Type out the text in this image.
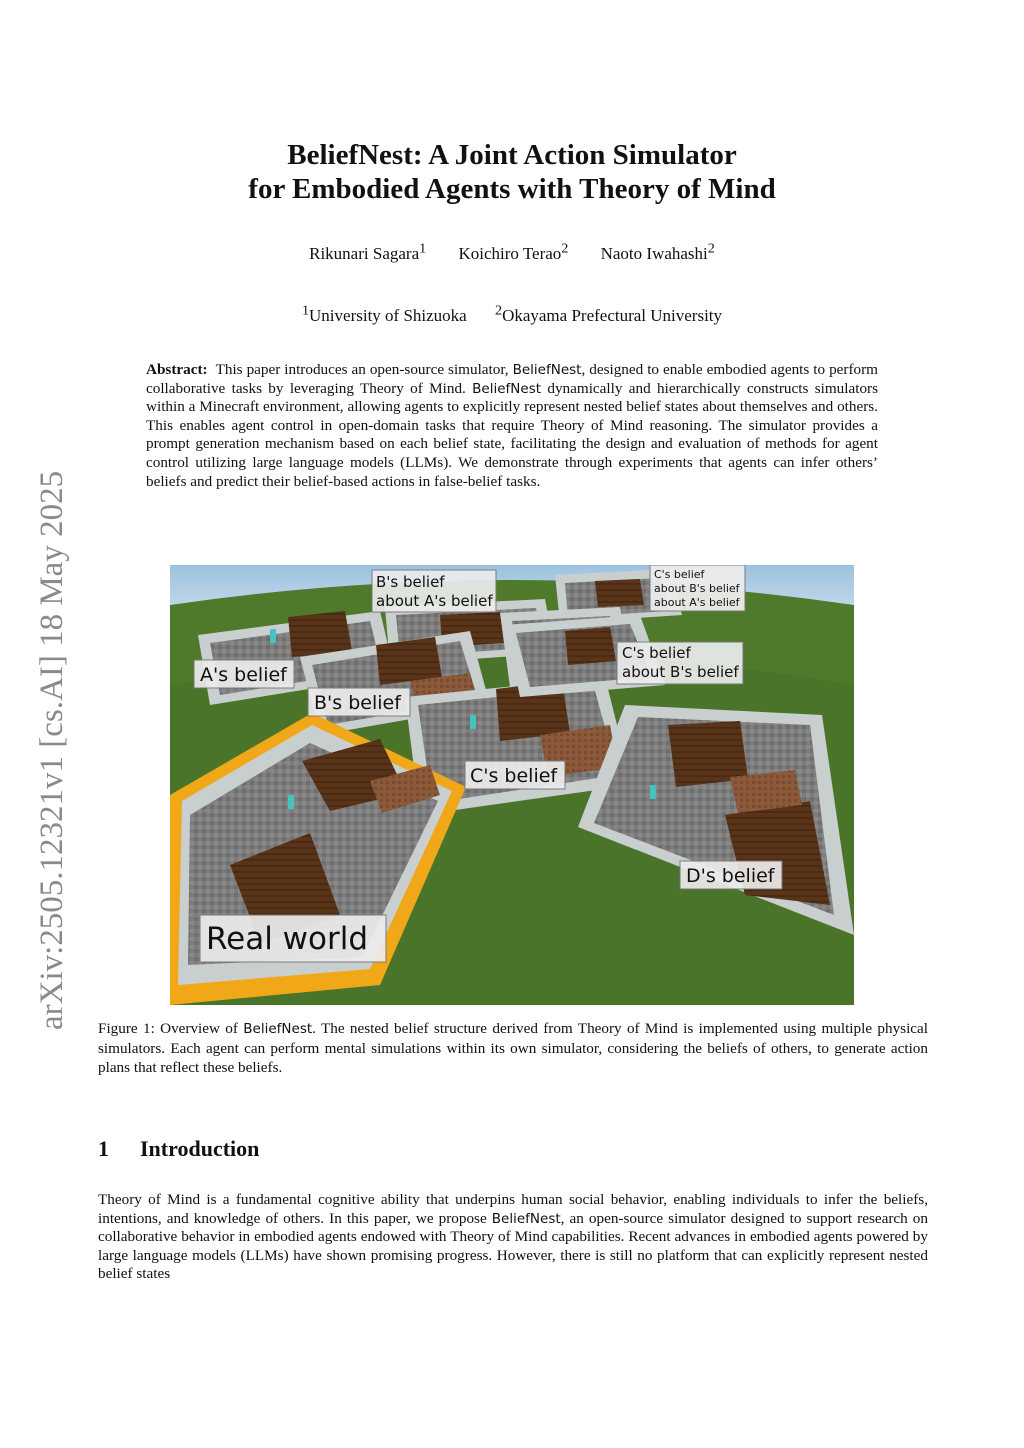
arXiv:2505.12321v1 [cs.AI] 18 May 2025
BeliefNest: A Joint Action Simulator
for Embodied Agents with Theory of Mind
Rikunari Sagara$^1$ Koichiro Terao$^2$ Naoto Iwahashi$^2$
$^1$University of Shizuoka $^2$Okayama Prefectural University
Abstract: This paper introduces an open-source simulator, BeliefNest, designed to enable embodied agents to perform collaborative tasks by leveraging Theory of Mind. BeliefNest dynamically and hierarchically constructs simulators within a Minecraft environment, allowing agents to explicitly represent nested belief states about themselves and others. This enables agent control in open-domain tasks that require Theory of Mind reasoning. The simulator provides a prompt generation mechanism based on each belief state, facilitating the design and evaluation of methods for agent control utilizing large language models (LLMs). We demonstrate through experiments that agents can infer others’ beliefs and predict their belief-based actions in false-belief tasks.
A's belief
B's belief
B's belief
about A's belief
C's belief
about B's belief
about A's belief
C's belief
about B's belief
C's belief
D's belief
Real world
Figure 1: Overview of BeliefNest. The nested belief structure derived from Theory of Mind is implemented using multiple physical simulators. Each agent can perform mental simulations within its own simulator, considering the beliefs of others, to generate action plans that reflect these beliefs.
1 Introduction
Theory of Mind is a fundamental cognitive ability that underpins human social behavior, enabling individuals to infer the beliefs, intentions, and knowledge of others. In this paper, we propose BeliefNest, an open-source simulator designed to support research on collaborative behavior in embodied agents endowed with Theory of Mind capabilities. Recent advances in embodied agents powered by large language models (LLMs) have shown promising progress. However, there is still no platform that can explicitly represent nested belief states
